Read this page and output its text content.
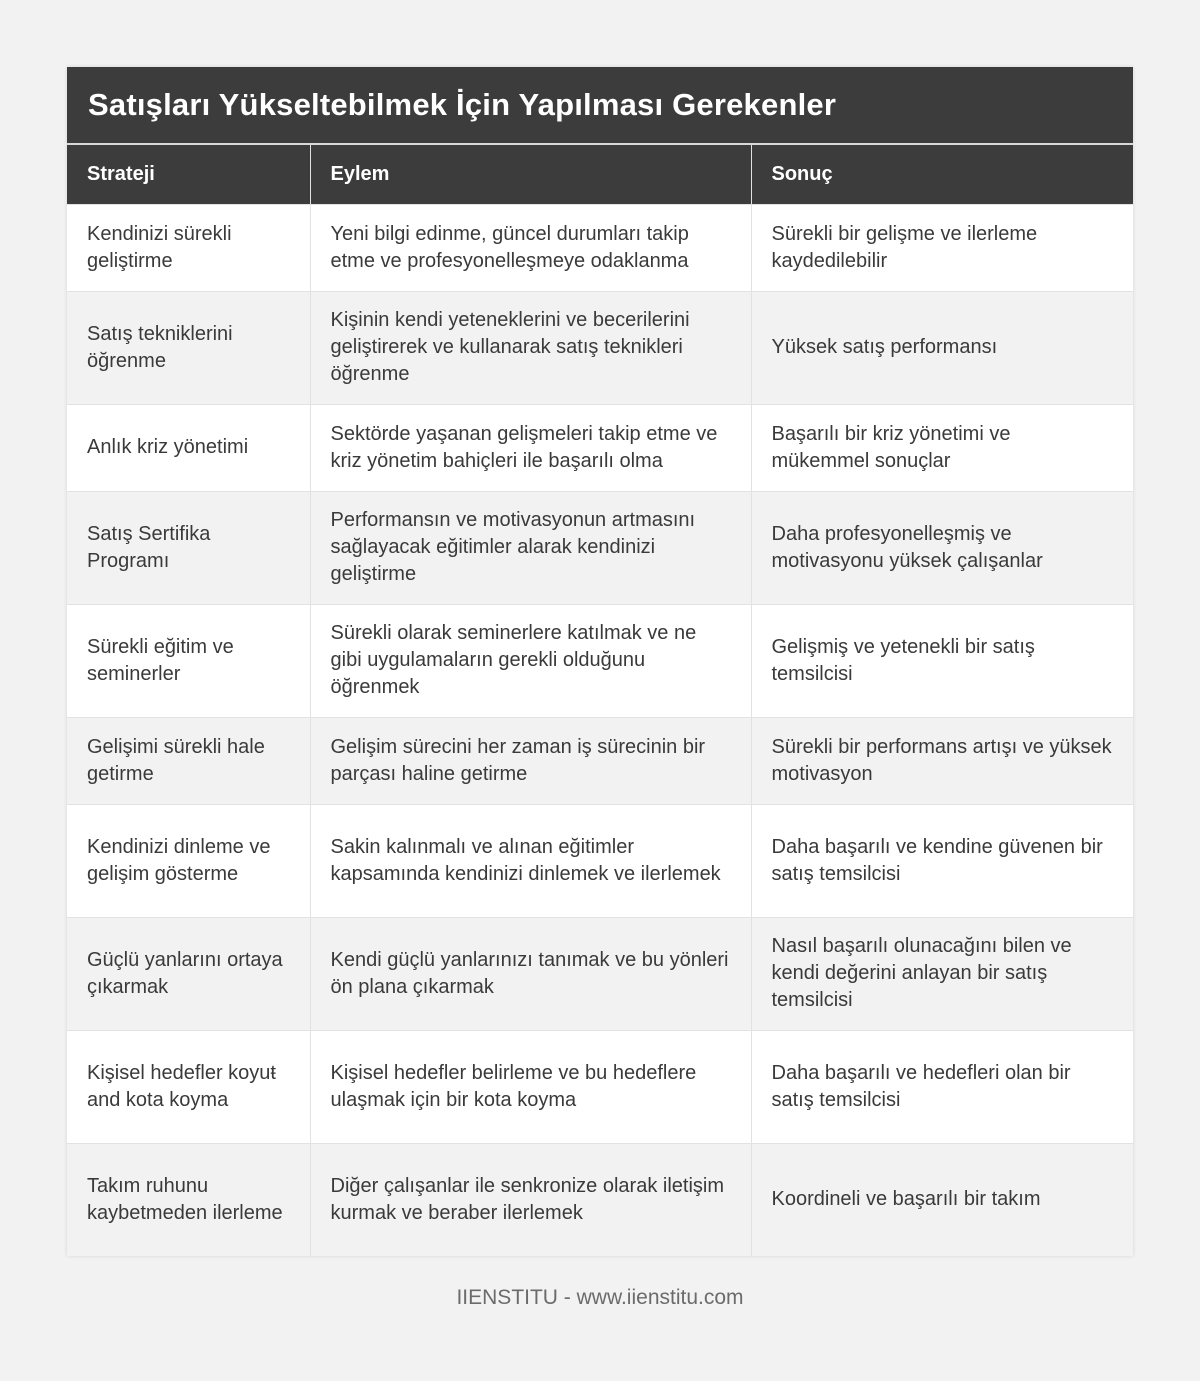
Satışları Yükseltebilmek İçin Yapılması Gerekenler
Strateji	Eylem	Sonuç
Kendinizi sürekli geliştirme	Yeni bilgi edinme, güncel durumları takip etme ve profesyonelleşmeye odaklanma	Sürekli bir gelişme ve ilerleme kaydedilebilir
Satış tekniklerini öğrenme	Kişinin kendi yeteneklerini ve becerilerini geliştirerek ve kullanarak satış teknikleri öğrenme	Yüksek satış performansı
Anlık kriz yönetimi	Sektörde yaşanan gelişmeleri takip etme ve kriz yönetim bahiçleri ile başarılı olma	Başarılı bir kriz yönetimi ve mükemmel sonuçlar
Satış Sertifika Programı	Performansın ve motivasyonun artmasını sağlayacak eğitimler alarak kendinizi geliştirme	Daha profesyonelleşmiş ve motivasyonu yüksek çalışanlar
Sürekli eğitim ve seminerler	Sürekli olarak seminerlere katılmak ve ne gibi uygulamaların gerekli olduğunu öğrenmek	Gelişmiş ve yetenekli bir satış temsilcisi
Gelişimi sürekli hale getirme	Gelişim sürecini her zaman iş sürecinin bir parçası haline getirme	Sürekli bir performans artışı ve yüksek motivasyon
Kendinizi dinleme ve gelişim gösterme	Sakin kalınmalı ve alınan eğitimler kapsamında kendinizi dinlemek ve ilerlemek	Daha başarılı ve kendine güvenen bir satış temsilcisi
Güçlü yanlarını ortaya çıkarmak	Kendi güçlü yanlarınızı tanımak ve bu yönleri ön plana çıkarmak	Nasıl başarılı olunacağını bilen ve kendi değerini anlayan bir satış temsilcisi
Kişisel hedefler koyuŧ and kota koyma	Kişisel hedefler belirleme ve bu hedeflere ulaşmak için bir kota koyma	Daha başarılı ve hedefleri olan bir satış temsilcisi
Takım ruhunu kaybetmeden ilerleme	Diğer çalışanlar ile senkronize olarak iletişim kurmak ve beraber ilerlemek	Koordineli ve başarılı bir takım
IIENSTITU - www.iienstitu.com
